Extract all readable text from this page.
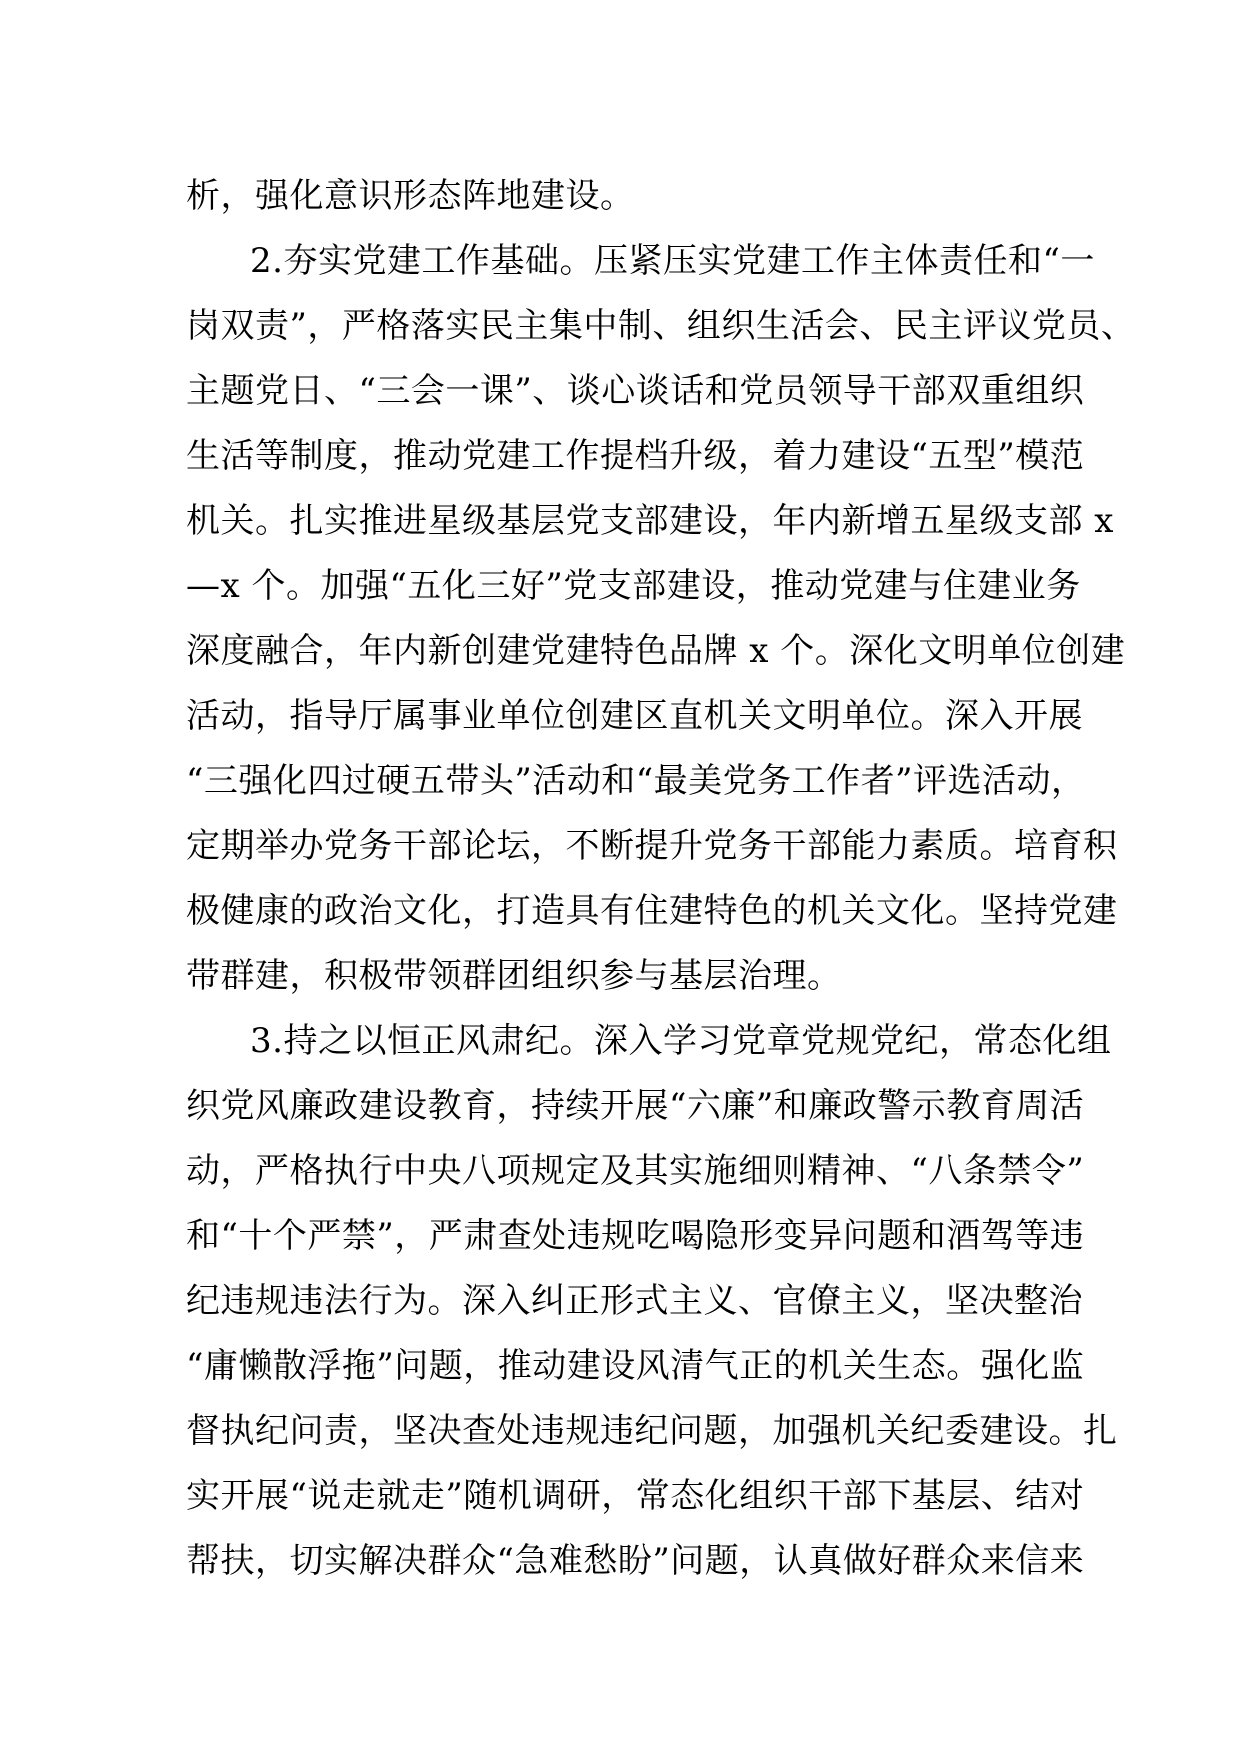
析，强化意识形态阵地建设。
2.夯实党建工作基础。压紧压实党建工作主体责任和“一
岗双责”，严格落实民主集中制、组织生活会、民主评议党员、
主题党日、“三会一课”、谈心谈话和党员领导干部双重组织
生活等制度，推动党建工作提档升级，着力建设“五型”模范
机关。扎实推进星级基层党支部建设，年内新增五星级支部 x
—x 个。加强“五化三好”党支部建设，推动党建与住建业务
深度融合，年内新创建党建特色品牌 x 个。深化文明单位创建
活动，指导厅属事业单位创建区直机关文明单位。深入开展
“三强化四过硬五带头”活动和“最美党务工作者”评选活动，
定期举办党务干部论坛，不断提升党务干部能力素质。培育积
极健康的政治文化，打造具有住建特色的机关文化。坚持党建
带群建，积极带领群团组织参与基层治理。
3.持之以恒正风肃纪。深入学习党章党规党纪，常态化组
织党风廉政建设教育，持续开展“六廉”和廉政警示教育周活
动，严格执行中央八项规定及其实施细则精神、“八条禁令”
和“十个严禁”，严肃查处违规吃喝隐形变异问题和酒驾等违
纪违规违法行为。深入纠正形式主义、官僚主义，坚决整治
“庸懒散浮拖”问题，推动建设风清气正的机关生态。强化监
督执纪问责，坚决查处违规违纪问题，加强机关纪委建设。扎
实开展“说走就走”随机调研，常态化组织干部下基层、结对
帮扶，切实解决群众“急难愁盼”问题，认真做好群众来信来
